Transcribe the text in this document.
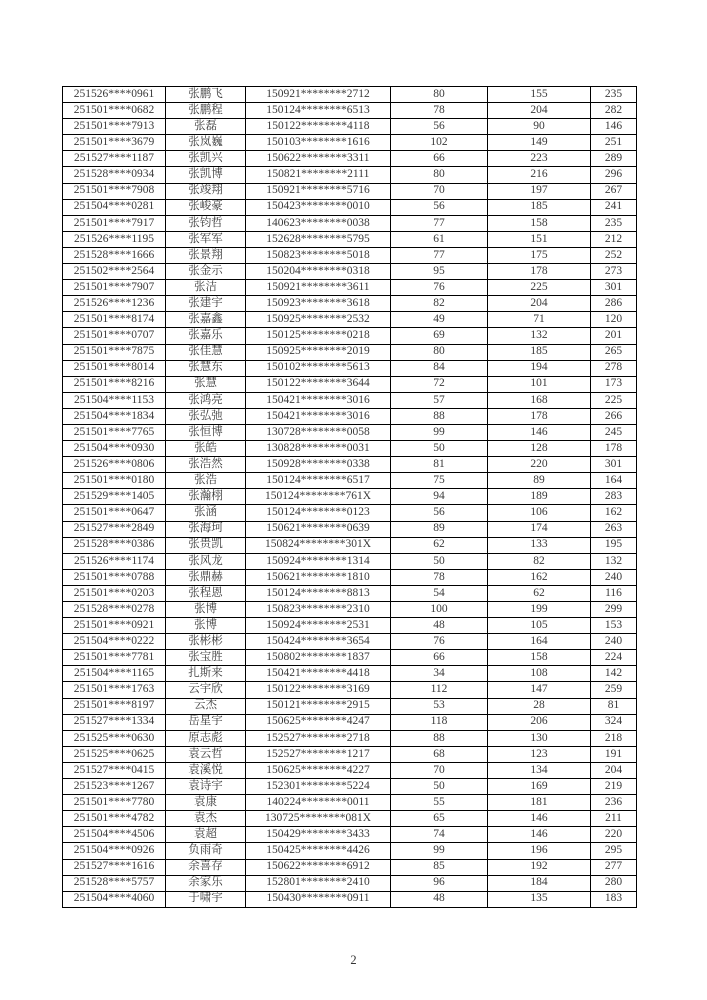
251526****0961	张鹏飞	150921********2712	80	155	235
251501****0682	张鹏程	150124********6513	78	204	282
251501****7913	张磊	150122********4118	56	90	146
251501****3679	张岚巍	150103********1616	102	149	251
251527****1187	张凯兴	150622********3311	66	223	289
251528****0934	张凯博	150821********2111	80	216	296
251501****7908	张竣翔	150921********5716	70	197	267
251504****0281	张峻豪	150423********0010	56	185	241
251501****7917	张钧哲	140623********0038	77	158	235
251526****1195	张军军	152628********5795	61	151	212
251528****1666	张景翔	150823********5018	77	175	252
251502****2564	张金示	150204********0318	95	178	273
251501****7907	张洁	150921********3611	76	225	301
251526****1236	张建宇	150923********3618	82	204	286
251501****8174	张嘉鑫	150925********2532	49	71	120
251501****0707	张嘉乐	150125********0218	69	132	201
251501****7875	张佳慧	150925********2019	80	185	265
251501****8014	张慧东	150102********5613	84	194	278
251501****8216	张慧	150122********3644	72	101	173
251504****1153	张鸿亮	150421********3016	57	168	225
251504****1834	张弘弛	150421********3016	88	178	266
251501****7765	张恒博	130728********0058	99	146	245
251504****0930	张皓	130828********0031	50	128	178
251526****0806	张浩然	150928********0338	81	220	301
251501****0180	张浩	150124********6517	75	89	164
251529****1405	张瀚栩	150124********761X	94	189	283
251501****0647	张涵	150124********0123	56	106	162
251527****2849	张海珂	150621********0639	89	174	263
251528****0386	张贵凯	150824********301X	62	133	195
251526****1174	张风龙	150924********1314	50	82	132
251501****0788	张鼎赫	150621********1810	78	162	240
251501****0203	张程恩	150124********8813	54	62	116
251528****0278	张博	150823********2310	100	199	299
251501****0921	张博	150924********2531	48	105	153
251504****0222	张彬彬	150424********3654	76	164	240
251501****7781	张宝胜	150802********1837	66	158	224
251504****1165	扎斯来	150421********4418	34	108	142
251501****1763	云宇欣	150122********3169	112	147	259
251501****8197	云杰	150121********2915	53	28	81
251527****1334	岳星宇	150625********4247	118	206	324
251525****0630	原志彪	152527********2718	88	130	218
251525****0625	袁云哲	152527********1217	68	123	191
251527****0415	袁溪悦	150625********4227	70	134	204
251523****1267	袁诗宇	152301********5224	50	169	219
251501****7780	袁康	140224********0011	55	181	236
251501****4782	袁杰	130725********081X	65	146	211
251504****4506	袁超	150429********3433	74	146	220
251504****0926	负雨奇	150425********4426	99	196	295
251527****1616	余喜存	150622********6912	85	192	277
251528****5757	余家乐	152801********2410	96	184	280
251504****4060	于啸宇	150430********0911	48	135	183
2
